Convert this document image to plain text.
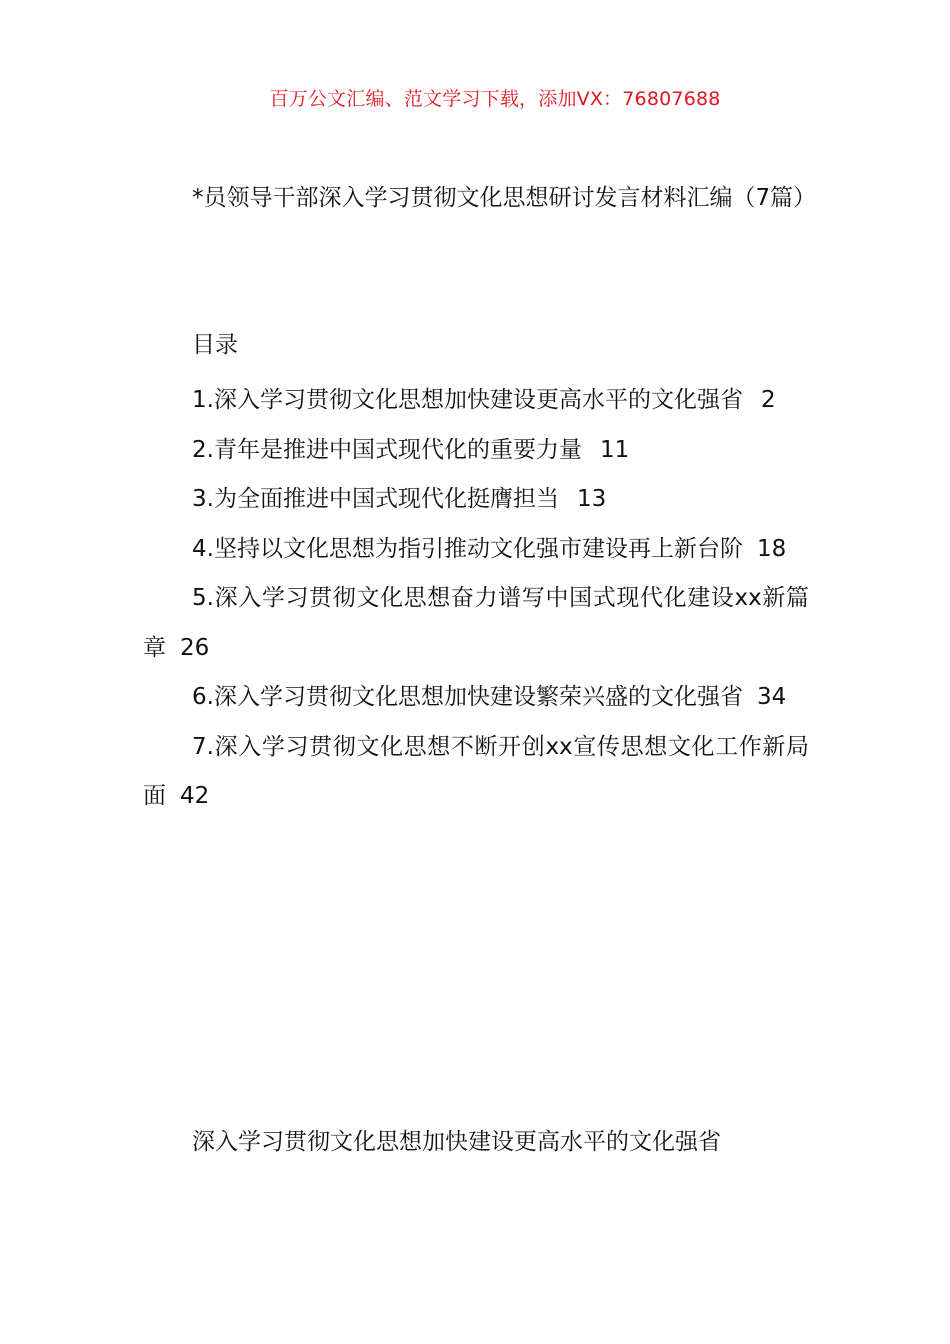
百万公文汇编、范文学习下载，添加VX：76807688
*员领导干部深入学习贯彻文化思想研讨发言材料汇编（7篇）
目录
1.深入学习贯彻文化思想加快建设更高水平的文化强省 2
2.青年是推进中国式现代化的重要力量 11
3.为全面推进中国式现代化挺膺担当 13
4.坚持以文化思想为指引推动文化强市建设再上新台阶 18
5.深入学习贯彻文化思想奋力谱写中国式现代化建设xx新篇章 26
6.深入学习贯彻文化思想加快建设繁荣兴盛的文化强省 34
7.深入学习贯彻文化思想不断开创xx宣传思想文化工作新局面 42
深入学习贯彻文化思想加快建设更高水平的文化强省
